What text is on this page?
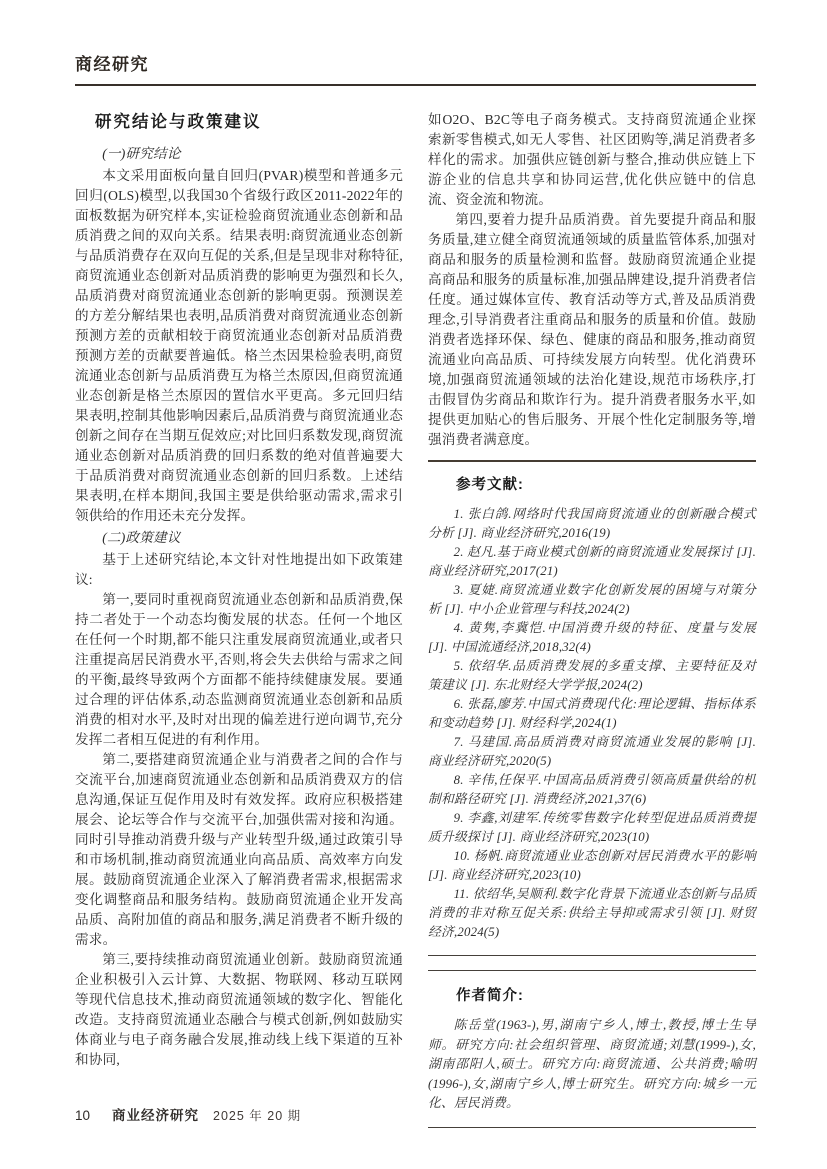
商经研究
研究结论与政策建议

(一)研究结论

本文采用面板向量自回归(PVAR)模型和普通多元回归(OLS)模型,以我国30个省级行政区2011-2022年的面板数据为研究样本,实证检验商贸流通业态创新和品质消费之间的双向关系。结果表明:商贸流通业态创新与品质消费存在双向互促的关系,但是呈现非对称特征,商贸流通业态创新对品质消费的影响更为强烈和长久,品质消费对商贸流通业态创新的影响更弱。预测误差的方差分解结果也表明,品质消费对商贸流通业态创新预测方差的贡献相较于商贸流通业态创新对品质消费预测方差的贡献要普遍低。格兰杰因果检验表明,商贸流通业态创新与品质消费互为格兰杰原因,但商贸流通业态创新是格兰杰原因的置信水平更高。多元回归结果表明,控制其他影响因素后,品质消费与商贸流通业态创新之间存在当期互促效应;对比回归系数发现,商贸流通业态创新对品质消费的回归系数的绝对值普遍要大于品质消费对商贸流通业态创新的回归系数。上述结果表明,在样本期间,我国主要是供给驱动需求,需求引领供给的作用还未充分发挥。

(二)政策建议

基于上述研究结论,本文针对性地提出如下政策建议:

第一,要同时重视商贸流通业态创新和品质消费,保持二者处于一个动态均衡发展的状态。任何一个地区在任何一个时期,都不能只注重发展商贸流通业,或者只注重提高居民消费水平,否则,将会失去供给与需求之间的平衡,最终导致两个方面都不能持续健康发展。要通过合理的评估体系,动态监测商贸流通业态创新和品质消费的相对水平,及时对出现的偏差进行逆向调节,充分发挥二者相互促进的有利作用。

第二,要搭建商贸流通企业与消费者之间的合作与交流平台,加速商贸流通业态创新和品质消费双方的信息沟通,保证互促作用及时有效发挥。政府应积极搭建展会、论坛等合作与交流平台,加强供需对接和沟通。同时引导推动消费升级与产业转型升级,通过政策引导和市场机制,推动商贸流通业向高品质、高效率方向发展。鼓励商贸流通企业深入了解消费者需求,根据需求变化调整商品和服务结构。鼓励商贸流通企业开发高品质、高附加值的商品和服务,满足消费者不断升级的需求。

第三,要持续推动商贸流通业创新。鼓励商贸流通企业积极引入云计算、大数据、物联网、移动互联网等现代信息技术,推动商贸流通领域的数字化、智能化改造。支持商贸流通业态融合与模式创新,例如鼓励实体商业与电子商务融合发展,推动线上线下渠道的互补和协同,

如O2O、B2C等电子商务模式。支持商贸流通企业探索新零售模式,如无人零售、社区团购等,满足消费者多样化的需求。加强供应链创新与整合,推动供应链上下游企业的信息共享和协同运营,优化供应链中的信息流、资金流和物流。

第四,要着力提升品质消费。首先要提升商品和服务质量,建立健全商贸流通领域的质量监管体系,加强对商品和服务的质量检测和监督。鼓励商贸流通企业提高商品和服务的质量标准,加强品牌建设,提升消费者信任度。通过媒体宣传、教育活动等方式,普及品质消费理念,引导消费者注重商品和服务的质量和价值。鼓励消费者选择环保、绿色、健康的商品和服务,推动商贸流通业向高品质、可持续发展方向转型。优化消费环境,加强商贸流通领域的法治化建设,规范市场秩序,打击假冒伪劣商品和欺诈行为。提升消费者服务水平,如提供更加贴心的售后服务、开展个性化定制服务等,增强消费者满意度。

参考文献:

1. 张白鸽.网络时代我国商贸流通业的创新融合模式分析 [J]. 商业经济研究,2016(19)

2. 赵凡.基于商业模式创新的商贸流通业发展探讨 [J]. 商业经济研究,2017(21)

3. 夏婕.商贸流通业数字化创新发展的困境与对策分析 [J]. 中小企业管理与科技,2024(2)

4. 黄隽,李冀恺.中国消费升级的特征、度量与发展 [J]. 中国流通经济,2018,32(4)

5. 依绍华.品质消费发展的多重支撑、主要特征及对策建议 [J]. 东北财经大学学报,2024(2)

6. 张磊,廖芳.中国式消费现代化:理论逻辑、指标体系和变动趋势 [J]. 财经科学,2024(1)

7. 马建国.高品质消费对商贸流通业发展的影响 [J]. 商业经济研究,2020(5)

8. 辛伟,任保平.中国高品质消费引领高质量供给的机制和路径研究 [J]. 消费经济,2021,37(6)

9. 李鑫,刘建军.传统零售数字化转型促进品质消费提质升级探讨 [J]. 商业经济研究,2023(10)

10. 杨帆.商贸流通业业态创新对居民消费水平的影响 [J]. 商业经济研究,2023(10)

11. 依绍华,吴顺利.数字化背景下流通业态创新与品质消费的非对称互促关系:供给主导抑或需求引领 [J]. 财贸经济,2024(5)

作者简介:

陈岳堂(1963-),男,湖南宁乡人,博士,教授,博士生导师。研究方向:社会组织管理、商贸流通;刘慧(1999-),女,湖南邵阳人,硕士。研究方向:商贸流通、公共消费;喻明(1996-),女,湖南宁乡人,博士研究生。研究方向:城乡一元化、居民消费。

10 商业经济研究 2025 年 20 期
